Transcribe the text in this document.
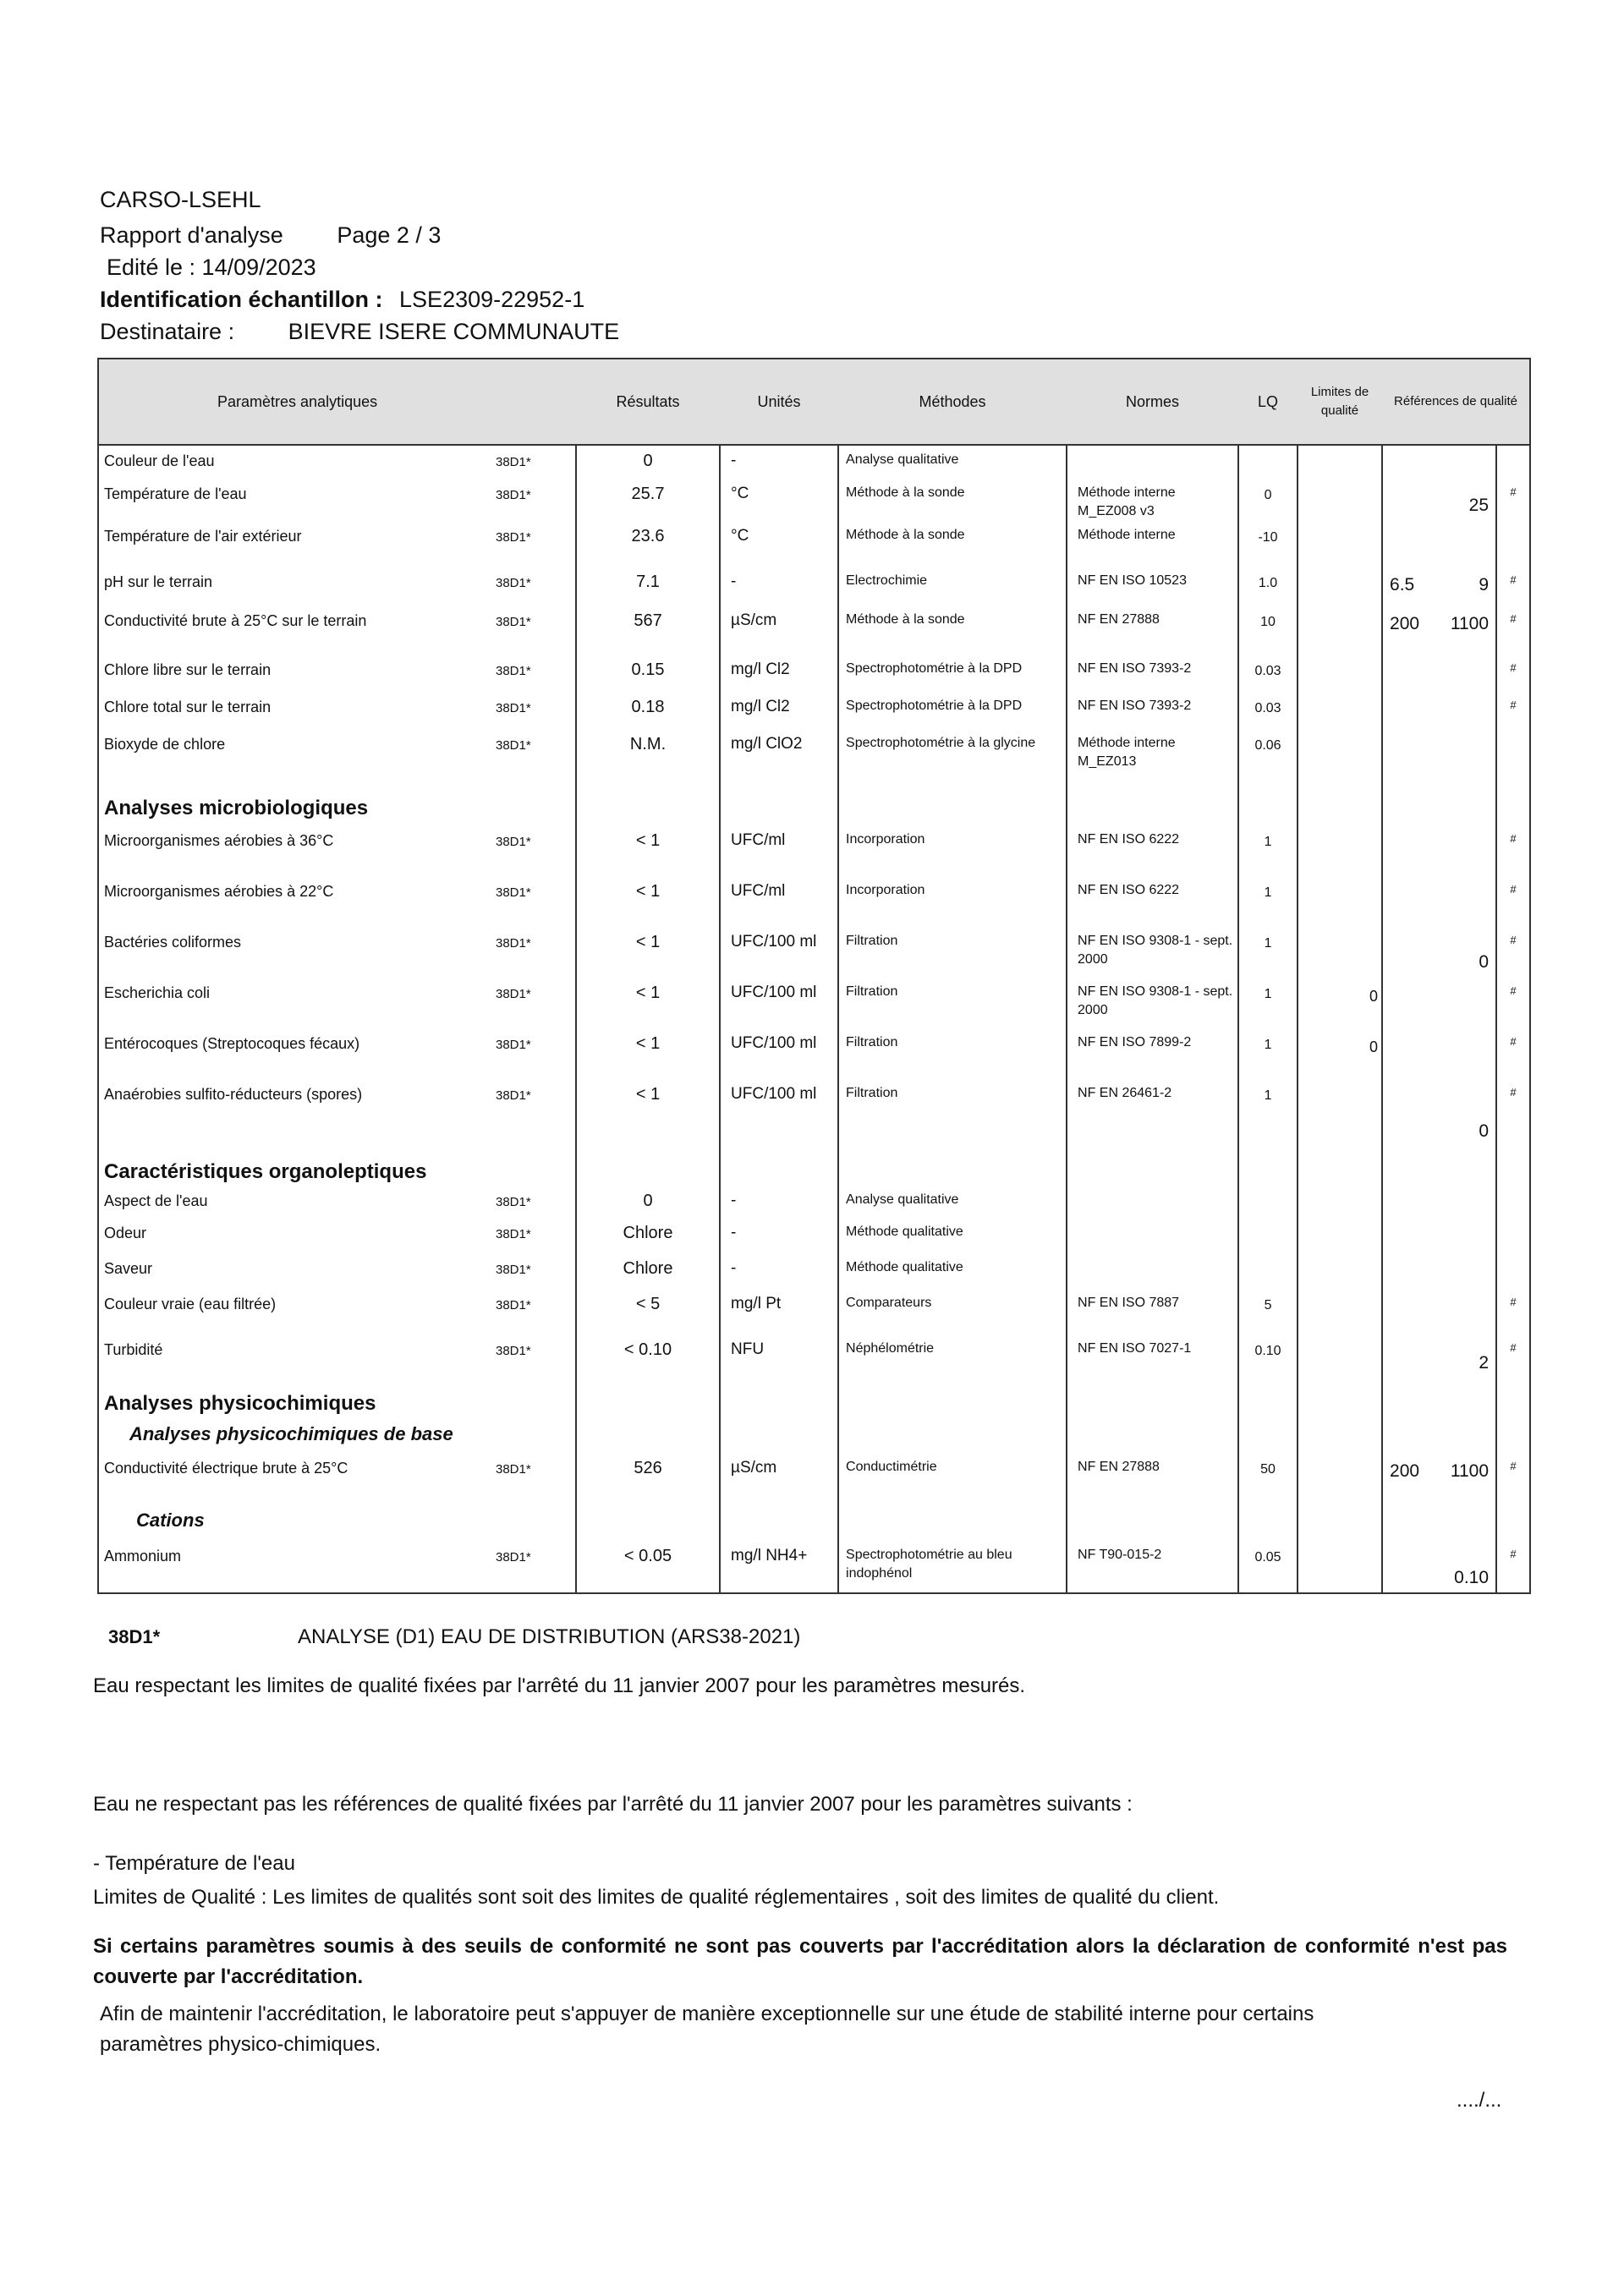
CARSO-LSEHL
Rapport d'analyse Page 2 / 3
Edité le : 14/09/2023
Identification échantillon : LSE2309-22952-1
Destinataire : BIEVRE ISERE COMMUNAUTE
Paramètres analytiques		Résultats	Unités	Méthodes	Normes	LQ	Limites de qualité	Références de qualité	
Couleur de l'eau	38D1*	0	-	Analyse qualitative				

Température de l'eau	38D1*	25.7	°C	Méthode à la sonde	Méthode interne M_EZ008 v3	0		25	#
Température de l'air extérieur	38D1*	23.6	°C	Méthode à la sonde	Méthode interne	-10		

pH sur le terrain	38D1*	7.1	-	Electrochimie	NF EN ISO 10523	1.0		6.5 9	#
Conductivité brute à 25°C sur le terrain	38D1*	567	µS/cm	Méthode à la sonde	NF EN 27888	10		200 1100	#
Chlore libre sur le terrain	38D1*	0.15	mg/l Cl2	Spectrophotométrie à la DPD	NF EN ISO 7393-2	0.03			#
Chlore total sur le terrain	38D1*	0.18	mg/l Cl2	Spectrophotométrie à la DPD	NF EN ISO 7393-2	0.03			#
Bioxyde de chlore	38D1*	N.M.	mg/l ClO2	Spectrophotométrie à la glycine	Méthode interne M_EZ013	0.06		

Analyses microbiologiques									
Microorganismes aérobies à 36°C	38D1*	< 1	UFC/ml	Incorporation	NF EN ISO 6222	1			#
Microorganismes aérobies à 22°C	38D1*	< 1	UFC/ml	Incorporation	NF EN ISO 6222	1			#
Bactéries coliformes	38D1*	< 1	UFC/100 ml	Filtration	NF EN ISO 9308-1 - sept. 2000	1		0	#
Escherichia coli	38D1*	< 1	UFC/100 ml	Filtration	NF EN ISO 9308-1 - sept. 2000	1	0		#
Entérocoques (Streptocoques fécaux)	38D1*	< 1	UFC/100 ml	Filtration	NF EN ISO 7899-2	1	0		#
Anaérobies sulfito-réducteurs (spores)	38D1*	< 1	UFC/100 ml	Filtration	NF EN 26461-2	1		0	#
Caractéristiques organoleptiques									
Aspect de l'eau	38D1*	0	-	Analyse qualitative				

Odeur	38D1*	Chlore	-	Méthode qualitative				

Saveur	38D1*	Chlore	-	Méthode qualitative				

Couleur vraie (eau filtrée)	38D1*	< 5	mg/l Pt	Comparateurs	NF EN ISO 7887	5			#
Turbidité	38D1*	< 0.10	NFU	Néphélométrie	NF EN ISO 7027-1	0.10		2	#
Analyses physicochimiques									
Analyses physicochimiques de base									
Conductivité électrique brute à 25°C	38D1*	526	µS/cm	Conductimétrie	NF EN 27888	50		200 1100	#
Cations									
Ammonium	38D1*	< 0.05	mg/l NH4+	Spectrophotométrie au bleu indophénol	NF T90-015-2	0.05		0.10	#
38D1*	ANALYSE (D1) EAU DE DISTRIBUTION (ARS38-2021)
Eau respectant les limites de qualité fixées par l'arrêté du 11 janvier 2007 pour les paramètres mesurés.
Eau ne respectant pas les références de qualité fixées par l'arrêté du 11 janvier 2007 pour les paramètres suivants :
- Température de l'eau
Limites de Qualité : Les limites de qualités sont soit des limites de qualité réglementaires , soit des limites de qualité du client.
Si certains paramètres soumis à des seuils de conformité ne sont pas couverts par l'accréditation alors la déclaration de conformité n'est pas couverte par l'accréditation.
Afin de maintenir l'accréditation, le laboratoire peut s'appuyer de manière exceptionnelle sur une étude de stabilité interne pour certains paramètres physico-chimiques.
..../...
